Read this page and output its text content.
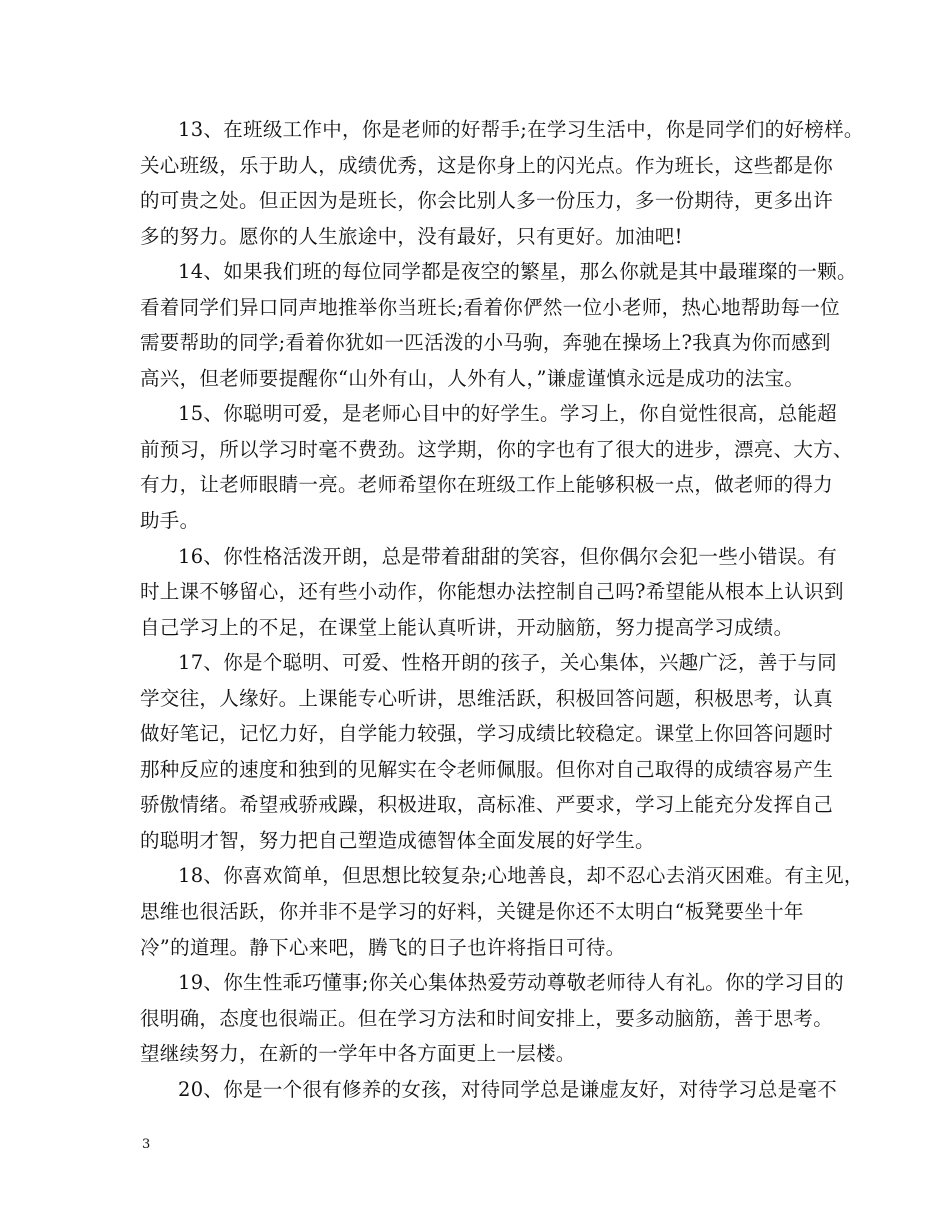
13、在班级工作中，你是老师的好帮手;在学习生活中，你是同学们的好榜样。
关心班级，乐于助人，成绩优秀，这是你身上的闪光点。作为班长，这些都是你
的可贵之处。但正因为是班长，你会比别人多一份压力，多一份期待，更多出许
多的努力。愿你的人生旅途中，没有最好，只有更好。加油吧!
14、如果我们班的每位同学都是夜空的繁星，那么你就是其中最璀璨的一颗。
看着同学们异口同声地推举你当班长;看着你俨然一位小老师，热心地帮助每一位
需要帮助的同学;看着你犹如一匹活泼的小马驹，奔驰在操场上?我真为你而感到
高兴，但老师要提醒你“山外有山，人外有人，”谦虚谨慎永远是成功的法宝。
15、你聪明可爱，是老师心目中的好学生。学习上，你自觉性很高，总能超
前预习，所以学习时毫不费劲。这学期，你的字也有了很大的进步，漂亮、大方、
有力，让老师眼睛一亮。老师希望你在班级工作上能够积极一点，做老师的得力
助手。
16、你性格活泼开朗，总是带着甜甜的笑容，但你偶尔会犯一些小错误。有
时上课不够留心，还有些小动作，你能想办法控制自己吗?希望能从根本上认识到
自己学习上的不足，在课堂上能认真听讲，开动脑筋，努力提高学习成绩。
17、你是个聪明、可爱、性格开朗的孩子，关心集体，兴趣广泛，善于与同
学交往，人缘好。上课能专心听讲，思维活跃，积极回答问题，积极思考，认真
做好笔记，记忆力好，自学能力较强，学习成绩比较稳定。课堂上你回答问题时
那种反应的速度和独到的见解实在令老师佩服。但你对自己取得的成绩容易产生
骄傲情绪。希望戒骄戒躁，积极进取，高标准、严要求，学习上能充分发挥自己
的聪明才智，努力把自己塑造成德智体全面发展的好学生。
18、你喜欢简单，但思想比较复杂;心地善良，却不忍心去消灭困难。有主见，
思维也很活跃，你并非不是学习的好料，关键是你还不太明白“板凳要坐十年
冷”的道理。静下心来吧，腾飞的日子也许将指日可待。
19、你生性乖巧懂事;你关心集体热爱劳动尊敬老师待人有礼。你的学习目的
很明确，态度也很端正。但在学习方法和时间安排上，要多动脑筋，善于思考。
望继续努力，在新的一学年中各方面更上一层楼。
20、你是一个很有修养的女孩，对待同学总是谦虚友好，对待学习总是毫不
3
